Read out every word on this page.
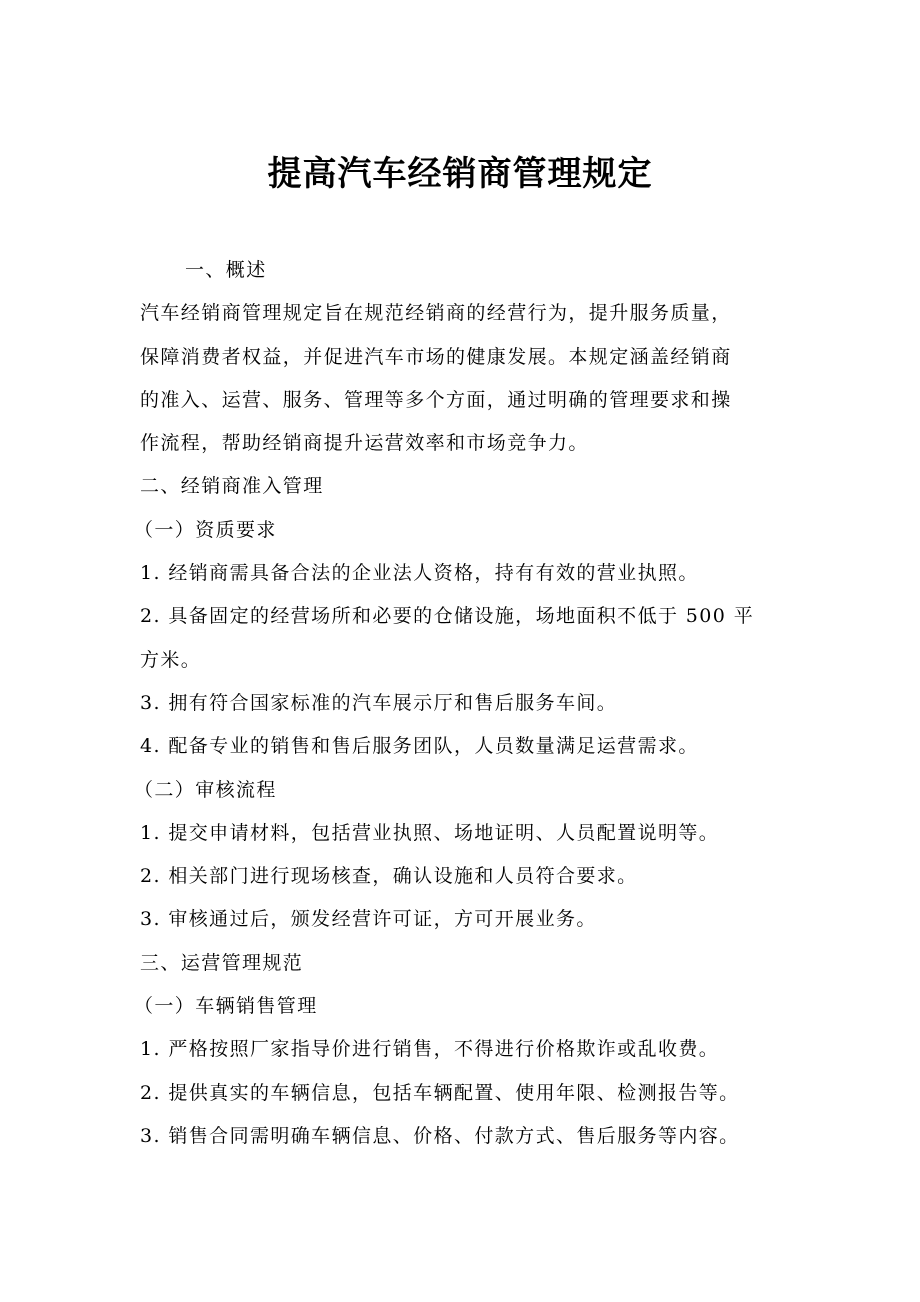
提高汽车经销商管理规定
一、概述
汽车经销商管理规定旨在规范经销商的经营行为，提升服务质量，
保障消费者权益，并促进汽车市场的健康发展。本规定涵盖经销商
的准入、运营、服务、管理等多个方面，通过明确的管理要求和操
作流程，帮助经销商提升运营效率和市场竞争力。
二、经销商准入管理
（一）资质要求
1. 经销商需具备合法的企业法人资格，持有有效的营业执照。
2. 具备固定的经营场所和必要的仓储设施，场地面积不低于 500 平
方米。
3. 拥有符合国家标准的汽车展示厅和售后服务车间。
4. 配备专业的销售和售后服务团队，人员数量满足运营需求。
（二）审核流程
1. 提交申请材料，包括营业执照、场地证明、人员配置说明等。
2. 相关部门进行现场核查，确认设施和人员符合要求。
3. 审核通过后，颁发经营许可证，方可开展业务。
三、运营管理规范
（一）车辆销售管理
1. 严格按照厂家指导价进行销售，不得进行价格欺诈或乱收费。
2. 提供真实的车辆信息，包括车辆配置、使用年限、检测报告等。
3. 销售合同需明确车辆信息、价格、付款方式、售后服务等内容。
